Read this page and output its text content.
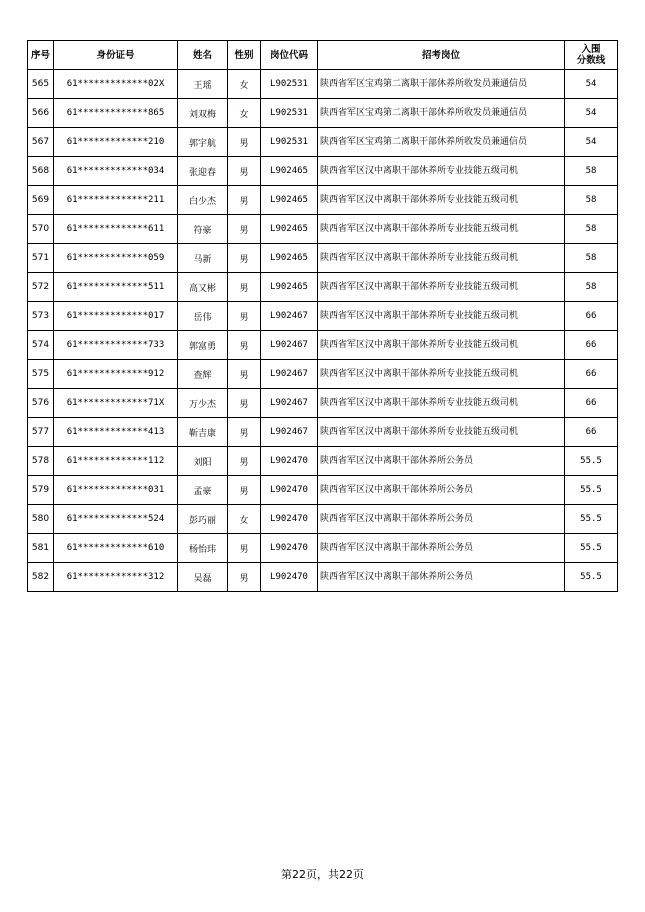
序号	身份证号	姓名	性别	岗位代码	招考岗位	入围
分数线

565	61*************02X	王瑶	女	L902531	陕西省军区宝鸡第二离职干部休养所收发员兼通信员	54
566	61*************865	刘双梅	女	L902531	陕西省军区宝鸡第二离职干部休养所收发员兼通信员	54
567	61*************210	郭宇航	男	L902531	陕西省军区宝鸡第二离职干部休养所收发员兼通信员	54
568	61*************034	张迎春	男	L902465	陕西省军区汉中离职干部休养所专业技能五级司机	58
569	61*************211	白少杰	男	L902465	陕西省军区汉中离职干部休养所专业技能五级司机	58
570	61*************611	符豪	男	L902465	陕西省军区汉中离职干部休养所专业技能五级司机	58
571	61*************059	马新	男	L902465	陕西省军区汉中离职干部休养所专业技能五级司机	58
572	61*************511	高又彬	男	L902465	陕西省军区汉中离职干部休养所专业技能五级司机	58
573	61*************017	岳伟	男	L902467	陕西省军区汉中离职干部休养所专业技能五级司机	66
574	61*************733	郭富勇	男	L902467	陕西省军区汉中离职干部休养所专业技能五级司机	66
575	61*************912	查辉	男	L902467	陕西省军区汉中离职干部休养所专业技能五级司机	66
576	61*************71X	万少杰	男	L902467	陕西省军区汉中离职干部休养所专业技能五级司机	66
577	61*************413	靳吉康	男	L902467	陕西省军区汉中离职干部休养所专业技能五级司机	66
578	61*************112	刘阳	男	L902470	陕西省军区汉中离职干部休养所公务员	55.5
579	61*************031	孟豪	男	L902470	陕西省军区汉中离职干部休养所公务员	55.5
580	61*************524	彭巧丽	女	L902470	陕西省军区汉中离职干部休养所公务员	55.5
581	61*************610	杨怡玮	男	L902470	陕西省军区汉中离职干部休养所公务员	55.5
582	61*************312	吴磊	男	L902470	陕西省军区汉中离职干部休养所公务员	55.5
第22页，共22页
